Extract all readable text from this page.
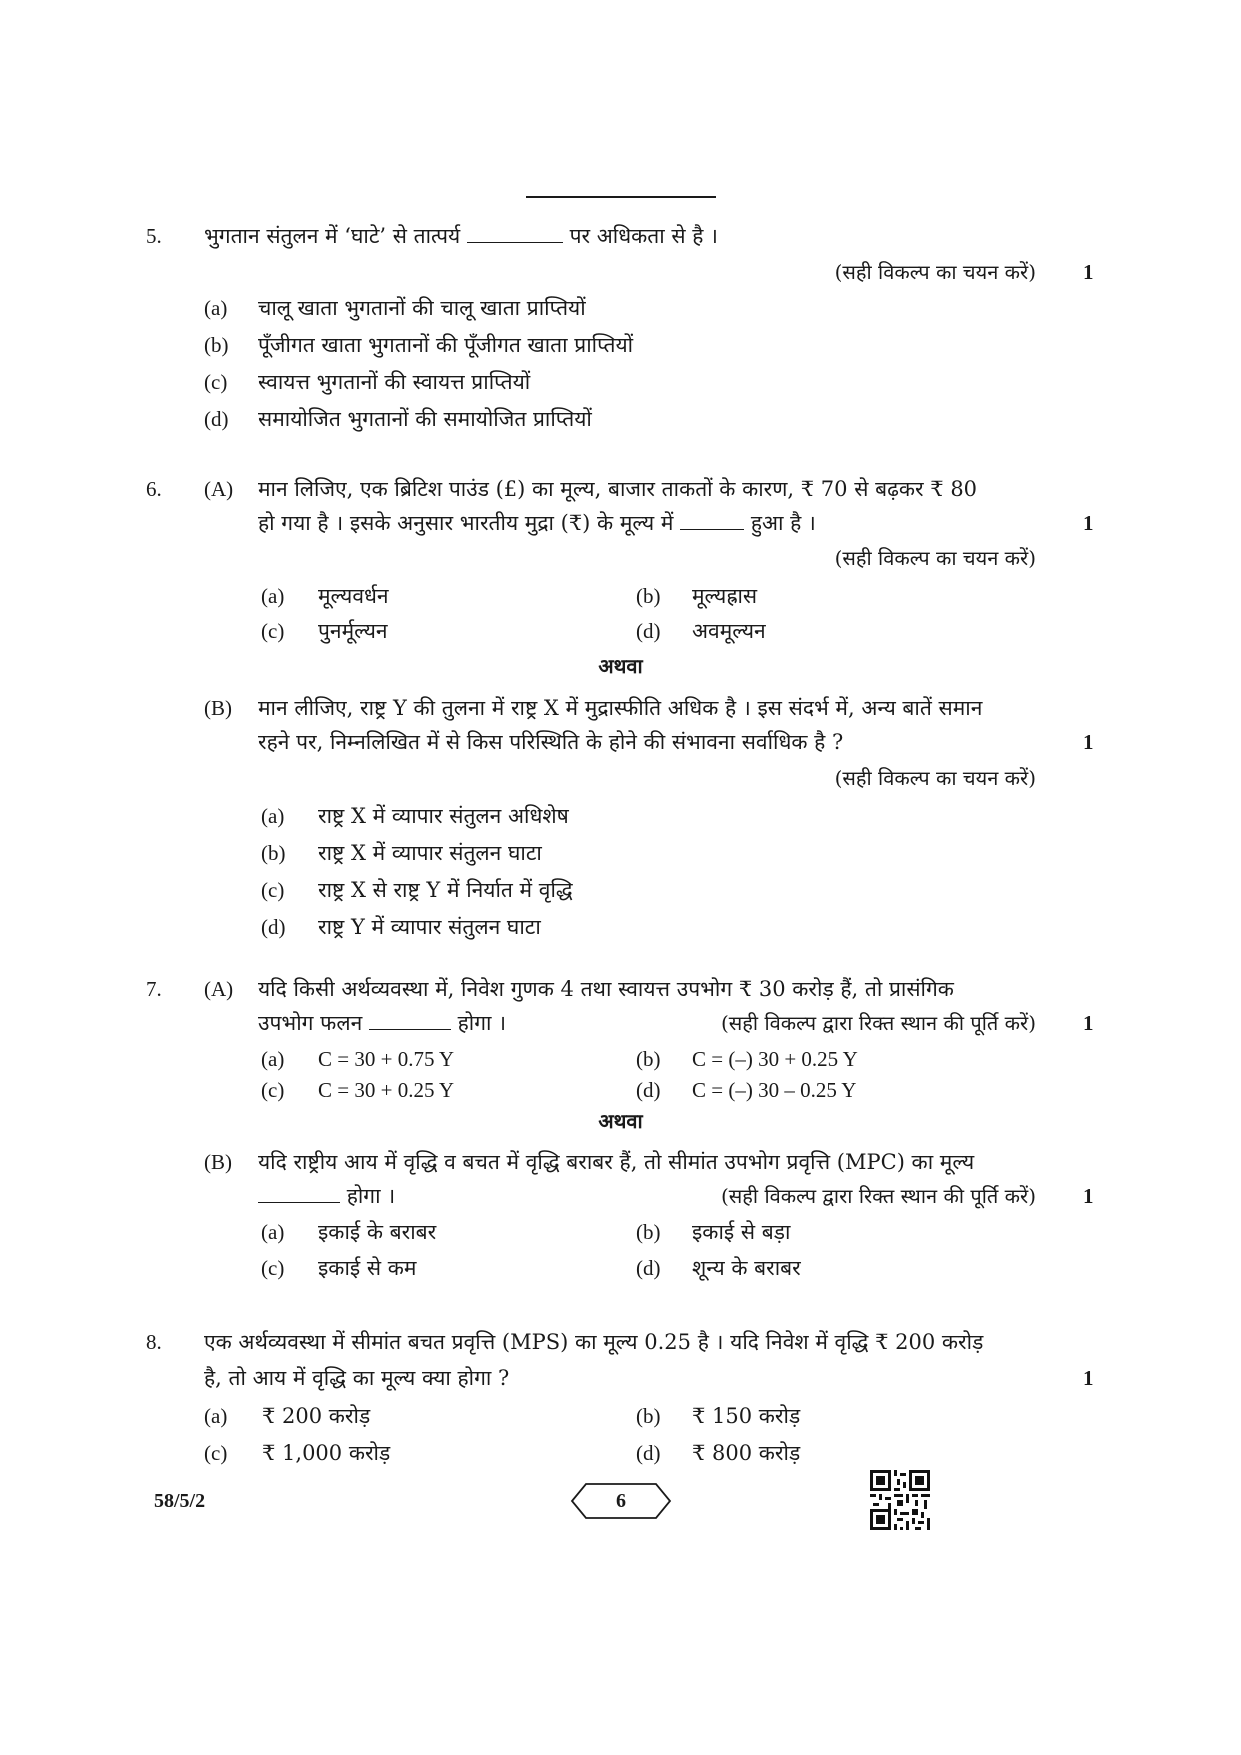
5. भुगतान संतुलन में ‘घाटे’ से तात्पर्य	पर अधिकता से है ।
(सही विकल्प का चयन करें) 1
(a) चालू खाता भुगतानों की चालू खाता प्राप्तियों
(b) पूँजीगत खाता भुगतानों की पूँजीगत खाता प्राप्तियों
(c) स्वायत्त भुगतानों की स्वायत्त प्राप्तियों
(d) समायोजित भुगतानों की समायोजित प्राप्तियों
6. (A) मान लिजिए, एक ब्रिटिश पाउंड (£) का मूल्य, बाजार ताकतों के कारण, ₹ 70 से बढ़कर ₹ 80
हो गया है । इसके अनुसार भारतीय मुद्रा (₹) के मूल्य में	हुआ है ।	1
(सही विकल्प का चयन करें)
(a) मूल्यवर्धन	(b) मूल्यह्रास
(c) पुनर्मूल्यन	(d) अवमूल्यन
अथवा
(B) मान लीजिए, राष्ट्र Y की तुलना में राष्ट्र X में मुद्रास्फीति अधिक है । इस संदर्भ में, अन्य बातें समान
रहने पर, निम्नलिखित में से किस परिस्थिति के होने की संभावना सर्वाधिक है ?	1
(सही विकल्प का चयन करें)
(a) राष्ट्र X में व्यापार संतुलन अधिशेष
(b) राष्ट्र X में व्यापार संतुलन घाटा
(c) राष्ट्र X से राष्ट्र Y में निर्यात में वृद्धि
(d) राष्ट्र Y में व्यापार संतुलन घाटा
7. (A) यदि किसी अर्थव्यवस्था में, निवेश गुणक 4 तथा स्वायत्त उपभोग ₹ 30 करोड़ हैं, तो प्रासंगिक
उपभोग फलन	होगा ।	(सही विकल्प द्वारा रिक्त स्थान की पूर्ति करें) 1
(a) C = 30 + 0.75 Y	(b) C = (–) 30 + 0.25 Y
(c) C = 30 + 0.25 Y	(d) C = (–) 30 – 0.25 Y
अथवा
(B) यदि राष्ट्रीय आय में वृद्धि व बचत में वृद्धि बराबर हैं, तो सीमांत उपभोग प्रवृत्ति (MPC) का मूल्य
होगा ।	(सही विकल्प द्वारा रिक्त स्थान की पूर्ति करें) 1
(a) इकाई के बराबर	(b) इकाई से बड़ा
(c) इकाई से कम	(d) शून्य के बराबर
8. एक अर्थव्यवस्था में सीमांत बचत प्रवृत्ति (MPS) का मूल्य 0.25 है । यदि निवेश में वृद्धि ₹ 200 करोड़
है, तो आय में वृद्धि का मूल्य क्या होगा ?	1
(a) ₹ 200 करोड़	(b) ₹ 150 करोड़
(c) ₹ 1,000 करोड़	(d) ₹ 800 करोड़
58/5/2	6
